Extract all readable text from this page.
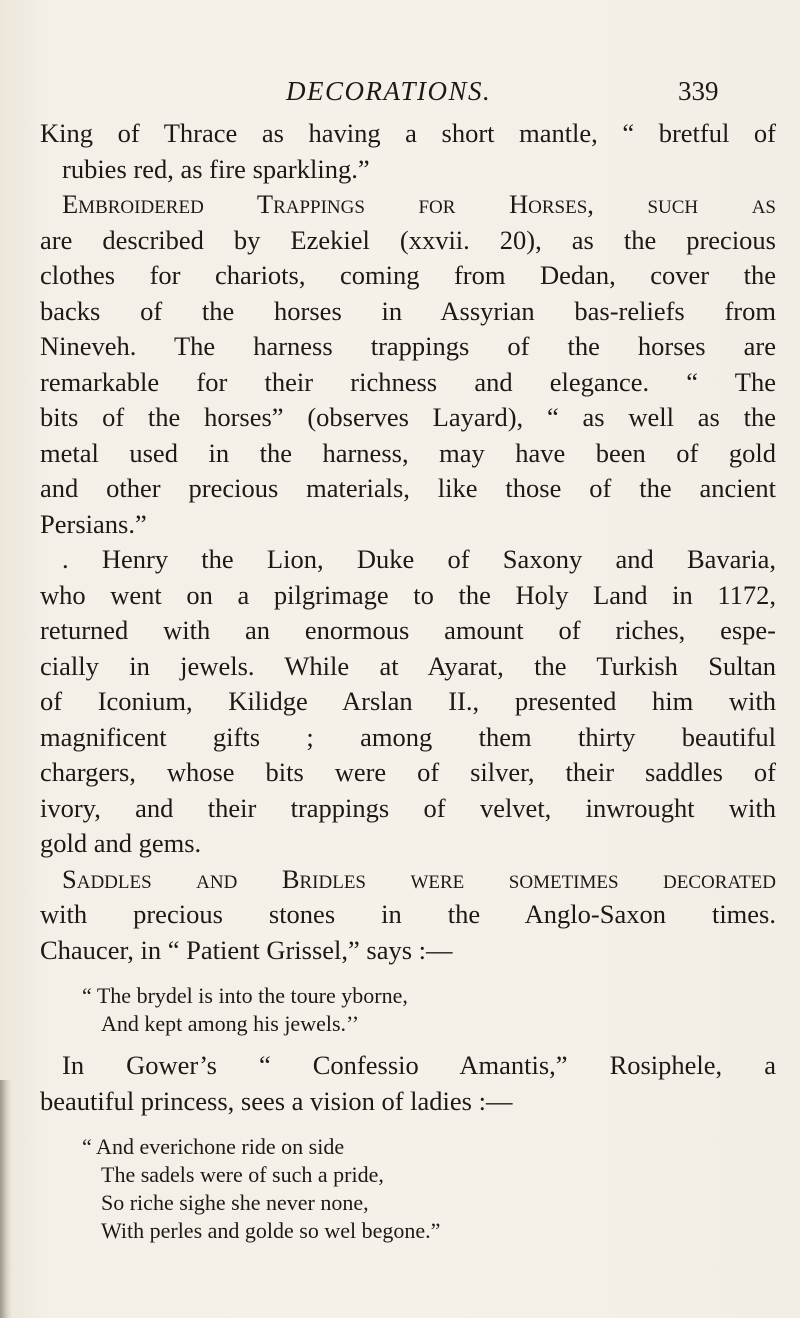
DECORATIONS.	339
King of Thrace as having a short mantle, “ bretful of
rubies red, as fire sparkling.”
Embroidered Trappings for Horses, such as
are described by Ezekiel (xxvii. 20), as the precious
clothes for chariots, coming from Dedan, cover the
backs of the horses in Assyrian bas-reliefs from
Nineveh. The harness trappings of the horses are
remarkable for their richness and elegance. “ The
bits of the horses” (observes Layard), “ as well as the
metal used in the harness, may have been of gold
and other precious materials, like those of the ancient
Persians.”
. Henry the Lion, Duke of Saxony and Bavaria,
who went on a pilgrimage to the Holy Land in 1172,
returned with an enormous amount of riches, espe-
cially in jewels. While at Ayarat, the Turkish Sultan
of Iconium, Kilidge Arslan II., presented him with
magnificent gifts ; among them thirty beautiful
chargers, whose bits were of silver, their saddles of
ivory, and their trappings of velvet, inwrought with
gold and gems.
Saddles and Bridles were sometimes decorated
with precious stones in the Anglo-Saxon times.
Chaucer, in “ Patient Grissel,” says :—
“ The brydel is into the toure yborne,
And kept among his jewels.’’
In Gower’s “ Confessio Amantis,” Rosiphele, a
beautiful princess, sees a vision of ladies :—
“ And everichone ride on side
The sadels were of such a pride,
So riche sighe she never none,
With perles and golde so wel begone.”
